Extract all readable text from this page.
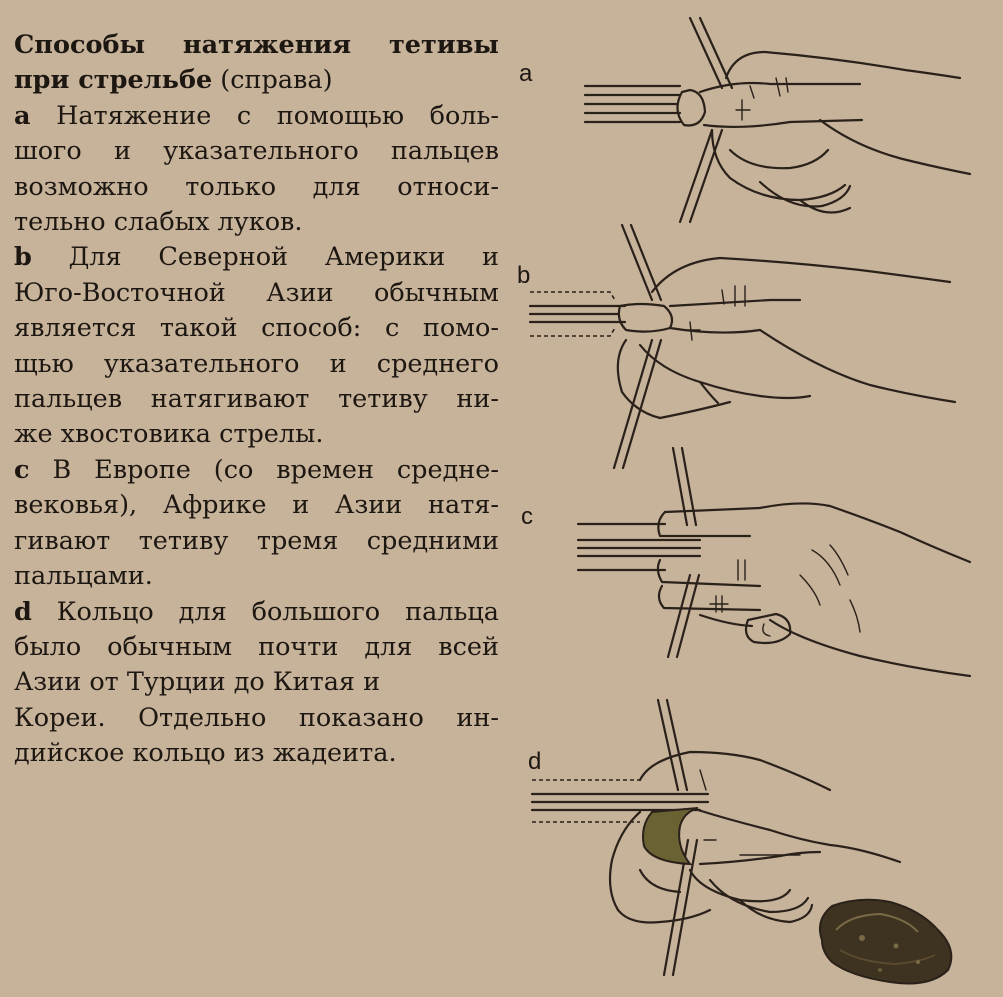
Способы натяжения тетивы
при стрельбе (справа)
a Натяжение с помощью боль-
шого и указательного пальцев
возможно только для относи-
тельно слабых луков.
b Для Северной Америки и
Юго-Восточной Азии обычным
является такой способ: с помо-
щью указательного и среднего
пальцев натягивают тетиву ни-
же хвостовика стрелы.
c В Европе (со времен средне-
вековья), Африке и Азии натя-
гивают тетиву тремя средними
пальцами.
d Кольцо для большого пальца
было обычным почти для всей
Азии от Турции до Китая и
Кореи. Отдельно показано ин-
дийское кольцо из жадеита.
a
b
c
d
